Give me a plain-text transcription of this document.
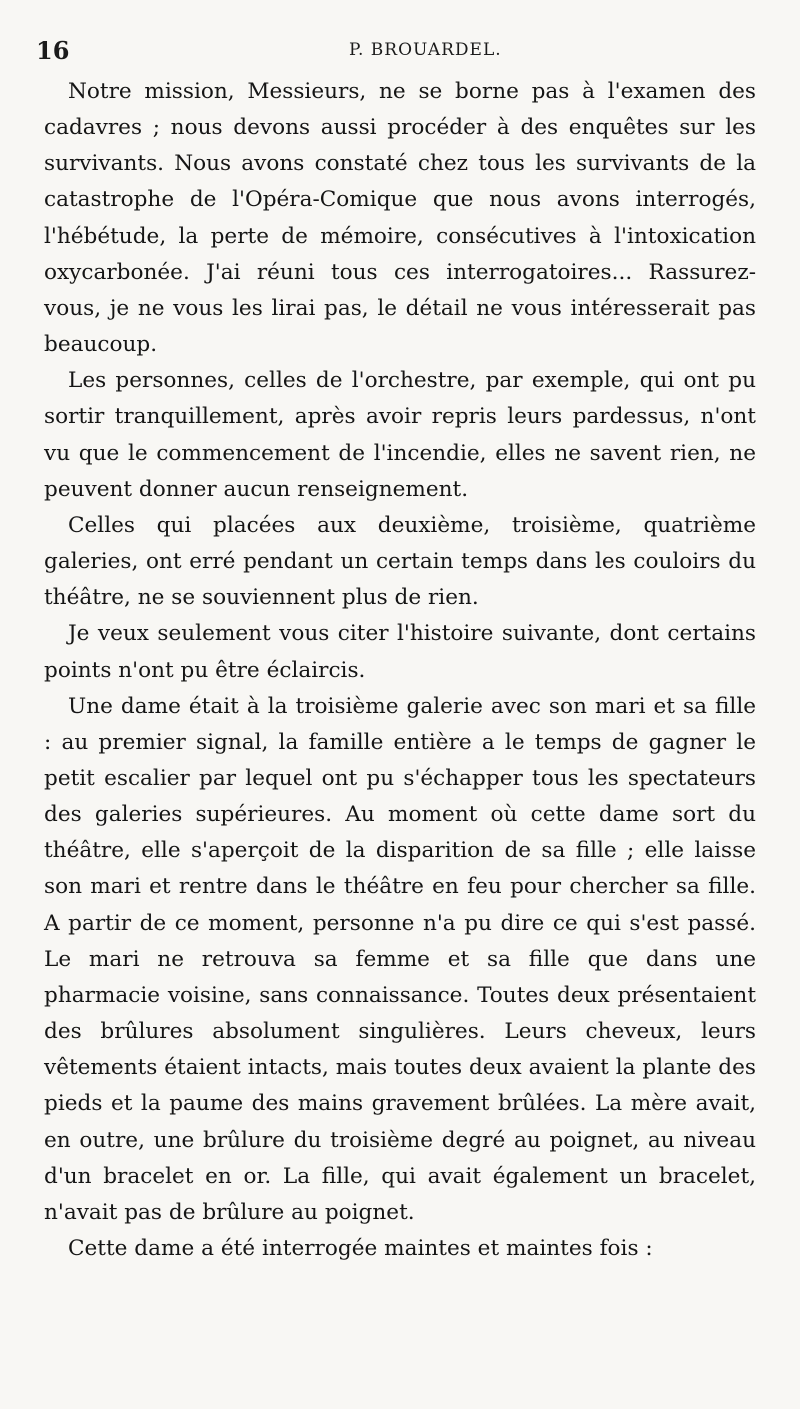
16	P. BROUARDEL.

Notre mission, Messieurs, ne se borne pas à l'examen des cadavres ; nous devons aussi procéder à des enquêtes sur les survivants. Nous avons constaté chez tous les survivants de la catastrophe de l'Opéra-Comique que nous avons interrogés, l'hébétude, la perte de mémoire, consécutives à l'intoxication oxycarbonée. J'ai réuni tous ces interrogatoires... Rassurez-vous, je ne vous les lirai pas, le détail ne vous intéresserait pas beaucoup.

Les personnes, celles de l'orchestre, par exemple, qui ont pu sortir tranquillement, après avoir repris leurs pardessus, n'ont vu que le commencement de l'incendie, elles ne savent rien, ne peuvent donner aucun renseignement.

Celles qui placées aux deuxième, troisième, quatrième galeries, ont erré pendant un certain temps dans les couloirs du théâtre, ne se souviennent plus de rien.

Je veux seulement vous citer l'histoire suivante, dont certains points n'ont pu être éclaircis.

Une dame était à la troisième galerie avec son mari et sa fille : au premier signal, la famille entière a le temps de gagner le petit escalier par lequel ont pu s'échapper tous les spectateurs des galeries supérieures. Au moment où cette dame sort du théâtre, elle s'aperçoit de la disparition de sa fille ; elle laisse son mari et rentre dans le théâtre en feu pour chercher sa fille. A partir de ce moment, personne n'a pu dire ce qui s'est passé. Le mari ne retrouva sa femme et sa fille que dans une pharmacie voisine, sans connaissance. Toutes deux présentaient des brûlures absolument singulières. Leurs cheveux, leurs vêtements étaient intacts, mais toutes deux avaient la plante des pieds et la paume des mains gravement brûlées. La mère avait, en outre, une brûlure du troisième degré au poignet, au niveau d'un bracelet en or. La fille, qui avait également un bracelet, n'avait pas de brûlure au poignet.

Cette dame a été interrogée maintes et maintes fois :
